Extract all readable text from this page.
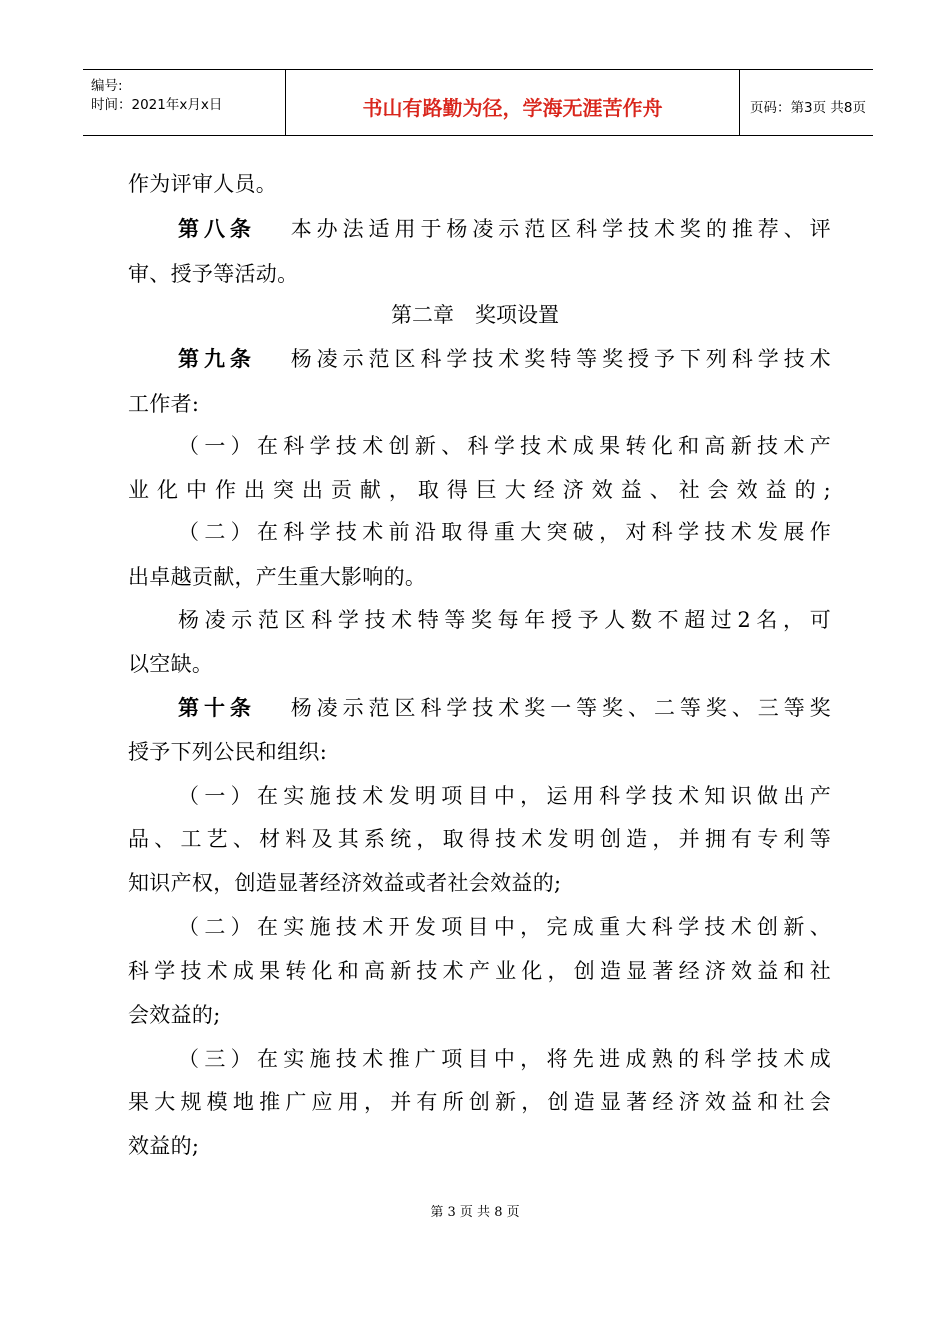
编号:
时间：2021年x月x日	书山有路勤为径，学海无涯苦作舟	页码：第3页 共8页
作为评审人员。
第八条 本办法适用于杨凌示范区科学技术奖的推荐、评
审、授予等活动。
第二章　奖项设置
第九条 杨凌示范区科学技术奖特等奖授予下列科学技术
工作者:
（一）在科学技术创新、科学技术成果转化和高新技术产
业化中作出突出贡献，取得巨大经济效益、社会效益的;
（二）在科学技术前沿取得重大突破，对科学技术发展作
出卓越贡献，产生重大影响的。
杨凌示范区科学技术特等奖每年授予人数不超过2名，可
以空缺。
第十条 杨凌示范区科学技术奖一等奖、二等奖、三等奖
授予下列公民和组织:
（一）在实施技术发明项目中，运用科学技术知识做出产
品、工艺、材料及其系统，取得技术发明创造，并拥有专利等
知识产权，创造显著经济效益或者社会效益的;
（二）在实施技术开发项目中，完成重大科学技术创新、
科学技术成果转化和高新技术产业化，创造显著经济效益和社
会效益的;
（三）在实施技术推广项目中，将先进成熟的科学技术成
果大规模地推广应用，并有所创新，创造显著经济效益和社会
效益的;
第 3 页 共 8 页
